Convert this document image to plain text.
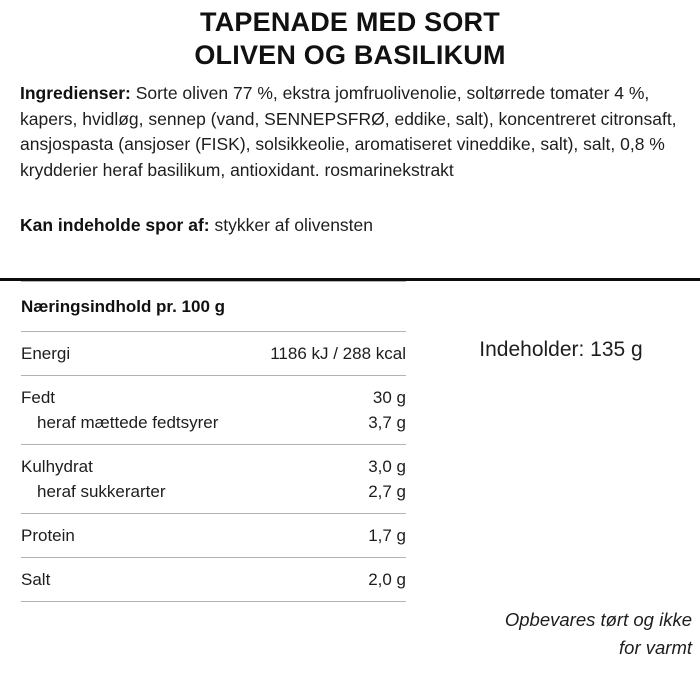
TAPENADE MED SORT
OLIVEN OG BASILIKUM

Ingredienser: Sorte oliven 77 %, ekstra jomfruolivenolie, soltørrede tomater 4 %, kapers, hvidløg, sennep (vand, SENNEPSFRØ, eddike, salt), koncentreret citronsaft, ansjospasta (ansjoser (FISK), solsikkeolie, aromatiseret vineddike, salt), salt, 0,8 % krydderier heraf basilikum, antioxidant. rosmarinekstrakt

Kan indeholde spor af: stykker af olivensten

Næringsindhold pr. 100 g
Energi	1186 kJ / 288 kcal
Fedt	30 g
heraf mættede fedtsyrer	3,7 g
Kulhydrat	3,0 g
heraf sukkerarter	2,7 g
Protein	1,7 g
Salt	2,0 g
Indeholder: 135 g
Opbevares tørt og ikke
for varmt
